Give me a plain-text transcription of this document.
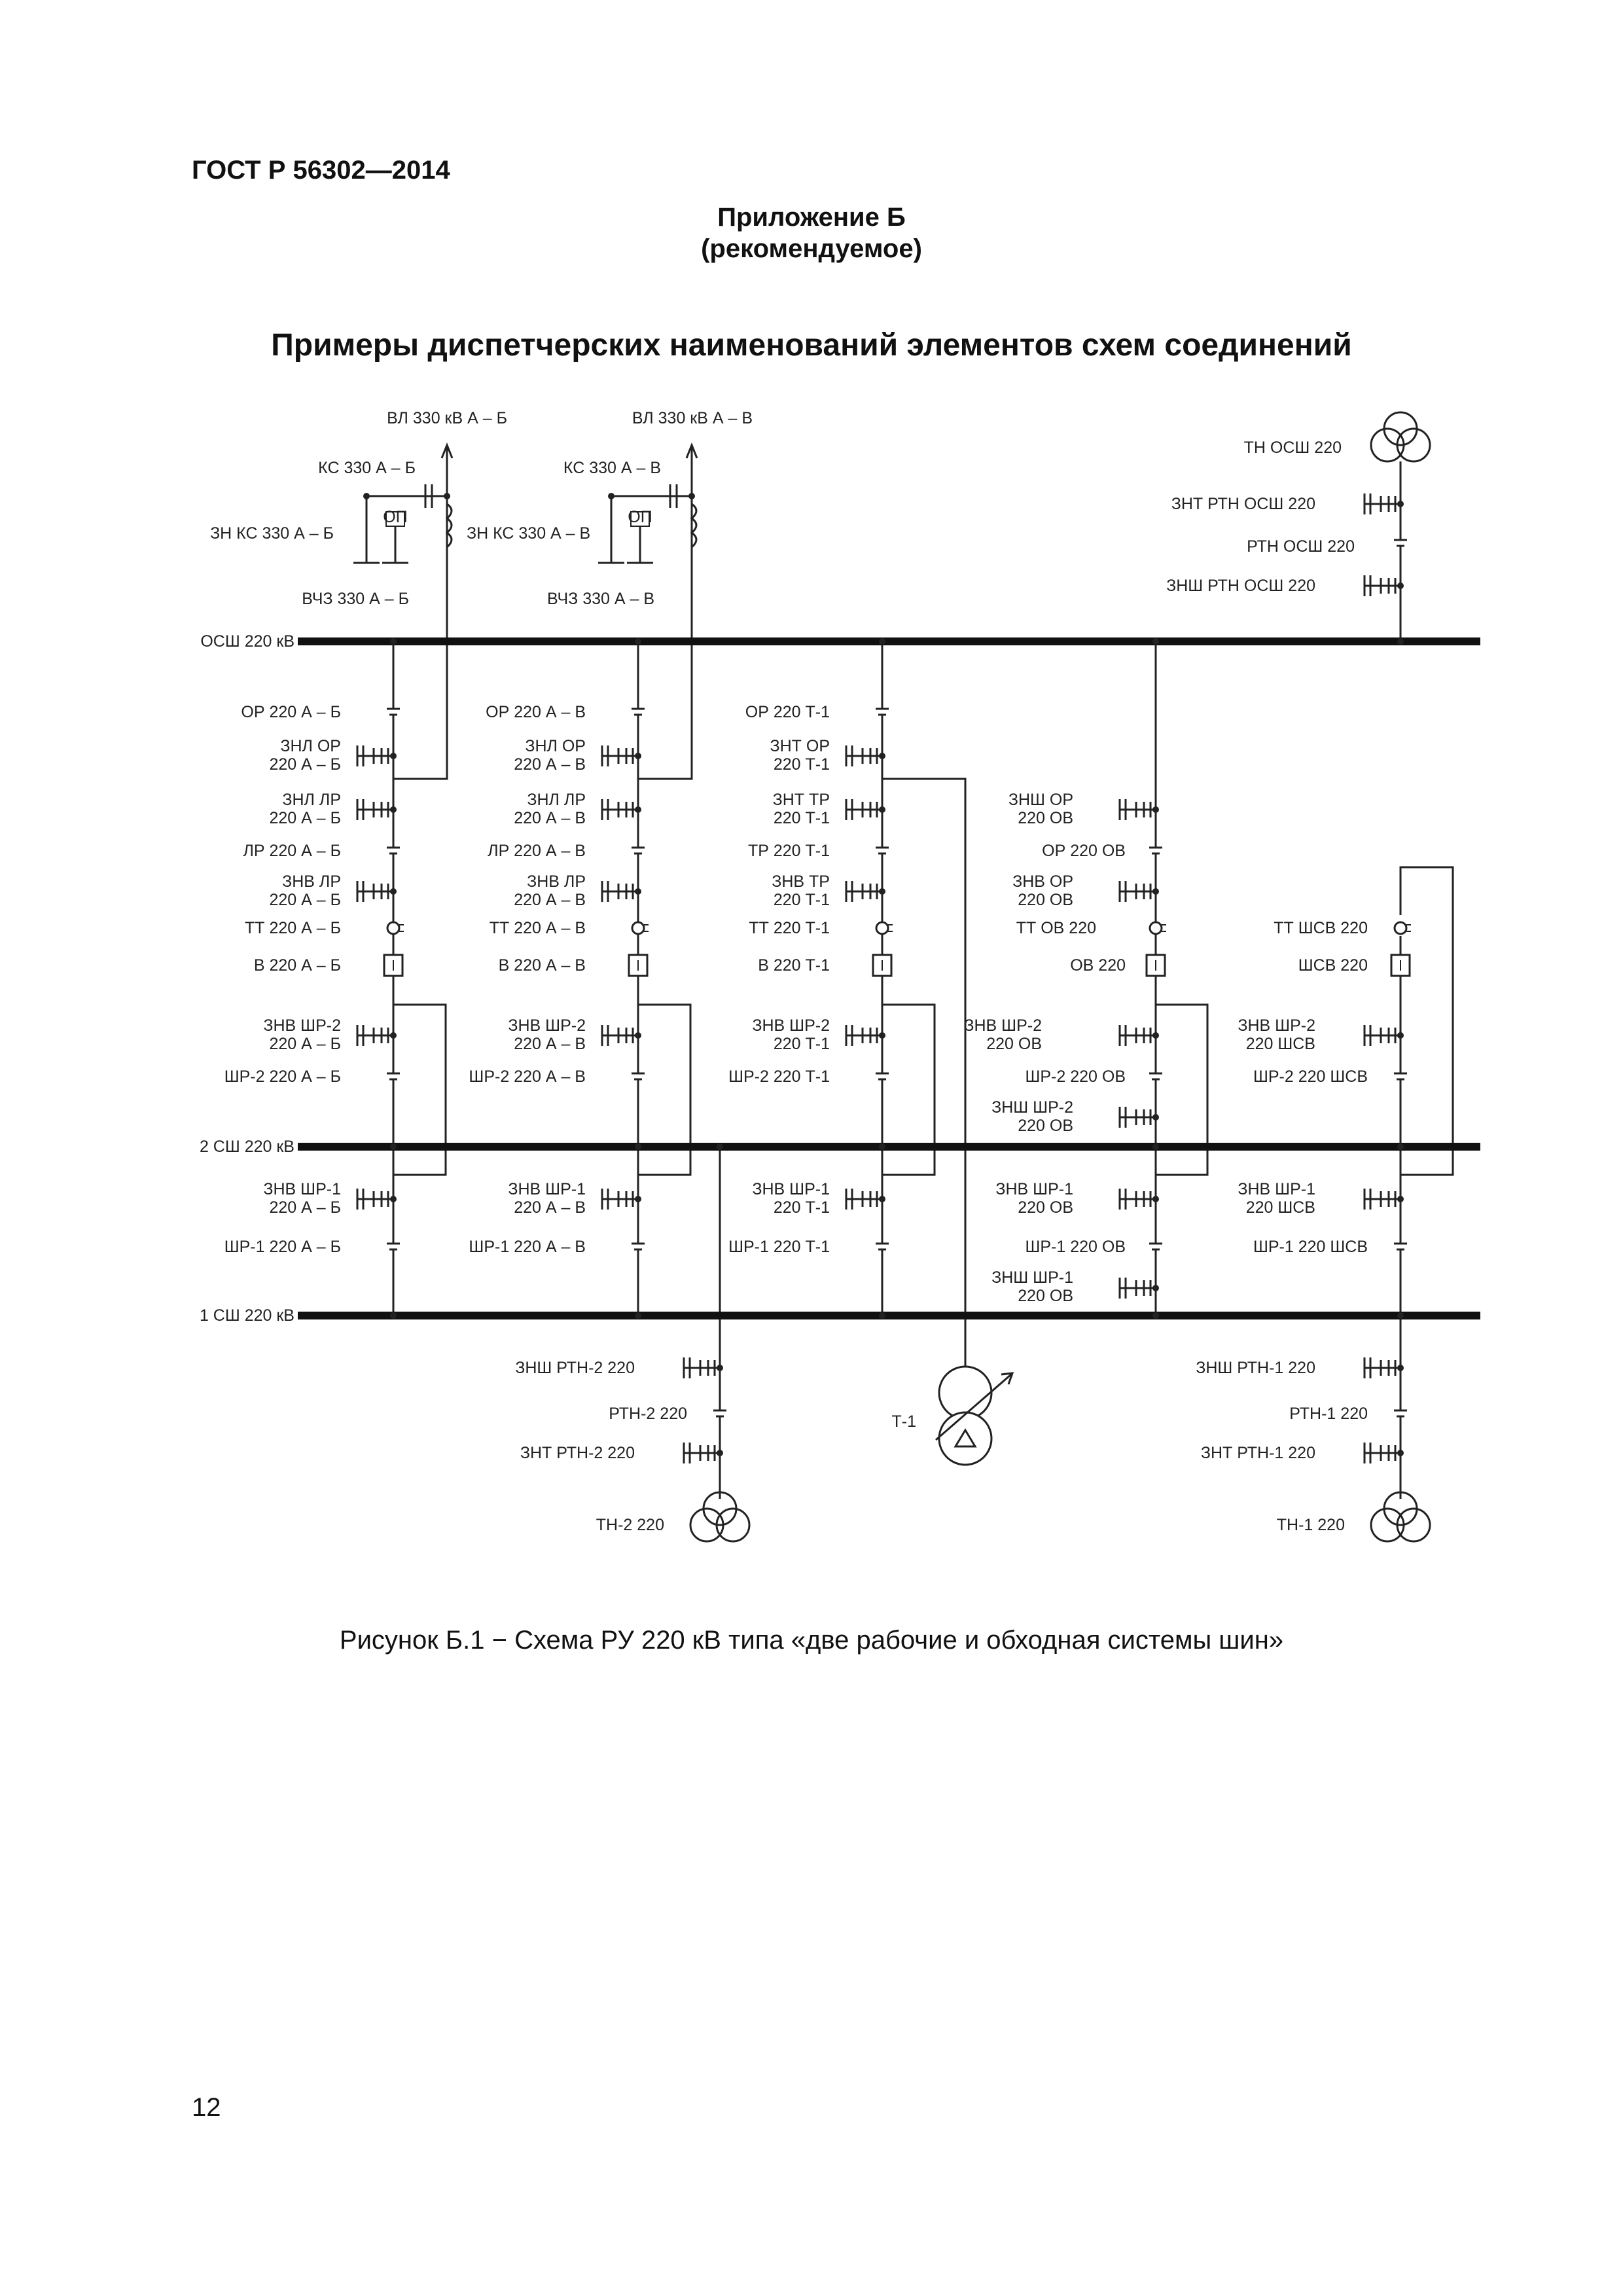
ГОСТ Р 56302—2014
Приложение Б
(рекомендуемое)
Примеры диспетчерских наименований элементов схем соединений
ОСШ 220 кВ
2 СШ 220 кВ
1 СШ 220 кВ
ОП	ОП
Т-1
ОР 220 А – Б
ЗНЛ ОР
220 А – Б
ЗНЛ ЛР
220 А – Б
ЛР 220 А – Б
ЗНВ ЛР
220 А – Б
ТТ 220 А – Б
В 220 А – Б
ЗНВ ШР-2
220 А – Б
ШР-2 220 А – Б
ЗНВ ШР-1
220 А – Б
ШР-1 220 А – Б
ОР 220 А – В
ЗНЛ ОР
220 А – В
ЗНЛ ЛР
220 А – В
ЛР 220 А – В
ЗНВ ЛР
220 А – В
ТТ 220 А – В
В 220 А – В
ЗНВ ШР-2
220 А – В
ШР-2 220 А – В
ЗНВ ШР-1
220 А – В
ШР-1 220 А – В
ОР 220 Т-1
ЗНТ ОР
220 Т-1
ЗНТ ТР
220 Т-1
ТР 220 Т-1
ЗНВ ТР
220 Т-1
ТТ 220 Т-1
В 220 Т-1
ЗНВ ШР-2
220 Т-1
ШР-2 220 Т-1
ЗНВ ШР-1
220 Т-1
ШР-1 220 Т-1
ВЛ 330 кВ А – Б
КС 330 А – Б
ЗН КС 330 А – Б
ВЧЗ 330 А – Б
ЗН КС 330 А – В
ВЛ 330 кВ А – В
КС 330 А – В
ВЧЗ 330 А – В
ЗНШ ОР
220 ОВ
ОР 220 ОВ
ЗНВ ОР
220 ОВ
ТТ ОВ 220
ОВ 220
ЗНВ ШР-2
220 ОВ
ШР-2 220 ОВ
ЗНШ ШР-2
220 ОВ
ЗНВ ШР-1
220 ОВ
ШР-1 220 ОВ
ЗНШ ШР-1
220 ОВ
ТТ ШСВ 220
ШСВ 220
ЗНВ ШР-2
220 ШСВ
ШР-2 220 ШСВ
ЗНВ ШР-1
220 ШСВ
ШР-1 220 ШСВ
ТН ОСШ 220
ЗНТ РТН ОСШ 220
РТН ОСШ 220
ЗНШ РТН ОСШ 220
ЗНШ РТН-2 220
РТН-2 220
ЗНТ РТН-2 220
ТН-2 220
ЗНШ РТН-1 220
РТН-1 220
ЗНТ РТН-1 220
ТН-1 220
Рисунок Б.1 − Схема РУ 220 кВ типа «две рабочие и обходная системы шин»
12
